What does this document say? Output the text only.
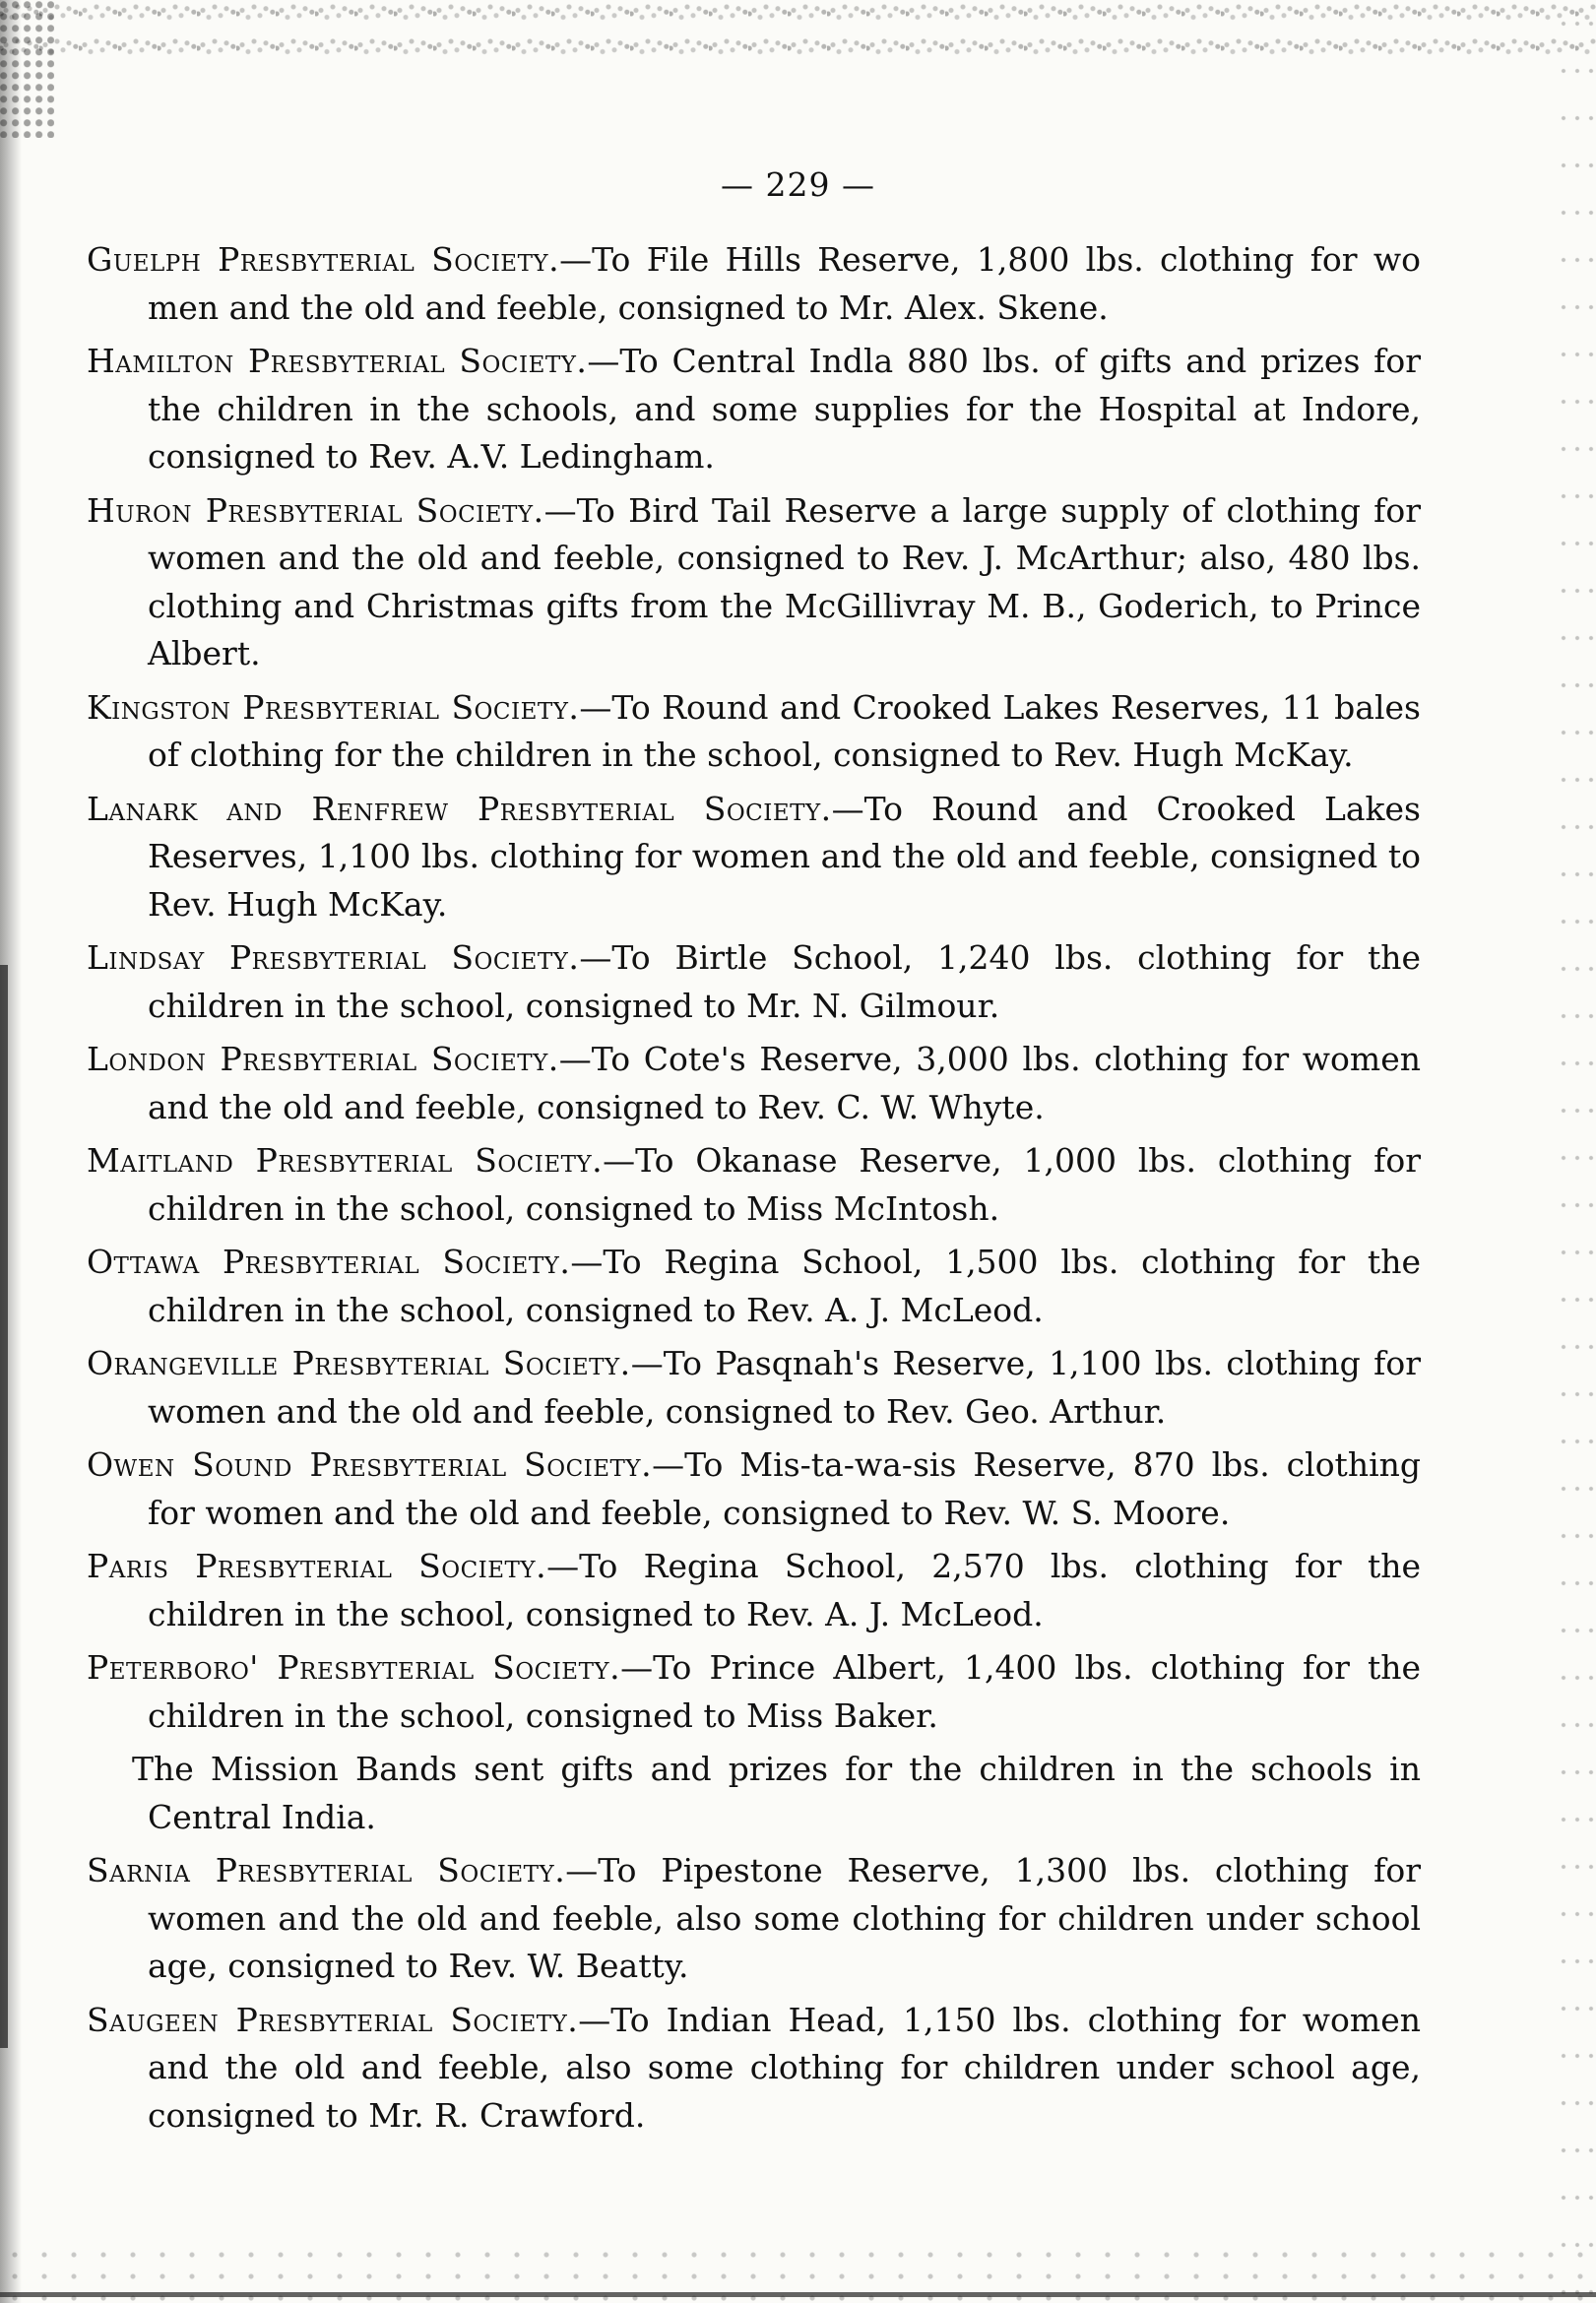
— 229 —

Guelph Presbyterial Society.—To File Hills Reserve, 1,800 lbs. clothing for wo men and the old and feeble, consigned to Mr. Alex. Skene.

Hamilton Presbyterial Society.—To Central Indla 880 lbs. of gifts and prizes for the children in the schools, and some supplies for the Hospital at Indore, consigned to Rev. A.V. Ledingham.

Huron Presbyterial Society.—To Bird Tail Reserve a large supply of clothing for women and the old and feeble, consigned to Rev. J. McArthur; also, 480 lbs. clothing and Christmas gifts from the McGillivray M. B., Goderich, to Prince Albert.

Kingston Presbyterial Society.—To Round and Crooked Lakes Reserves, 11 bales of clothing for the children in the school, consigned to Rev. Hugh McKay.

Lanark and Renfrew Presbyterial Society.—To Round and Crooked Lakes Reserves, 1,100 lbs. clothing for women and the old and feeble, consigned to Rev. Hugh McKay.

Lindsay Presbyterial Society.—To Birtle School, 1,240 lbs. clothing for the children in the school, consigned to Mr. N. Gilmour.

London Presbyterial Society.—To Cote's Reserve, 3,000 lbs. clothing for women and the old and feeble, consigned to Rev. C. W. Whyte.

Maitland Presbyterial Society.—To Okanase Reserve, 1,000 lbs. clothing for children in the school, consigned to Miss McIntosh.

Ottawa Presbyterial Society.—To Regina School, 1,500 lbs. clothing for the children in the school, consigned to Rev. A. J. McLeod.

Orangeville Presbyterial Society.—To Pasqnah's Reserve, 1,100 lbs. clothing for women and the old and feeble, consigned to Rev. Geo. Arthur.

Owen Sound Presbyterial Society.—To Mis-ta-wa-sis Reserve, 870 lbs. clothing for women and the old and feeble, consigned to Rev. W. S. Moore.

Paris Presbyterial Society.—To Regina School, 2,570 lbs. clothing for the children in the school, consigned to Rev. A. J. McLeod.

Peterboro' Presbyterial Society.—To Prince Albert, 1,400 lbs. clothing for the children in the school, consigned to Miss Baker.

The Mission Bands sent gifts and prizes for the children in the schools in Central India.

Sarnia Presbyterial Society.—To Pipestone Reserve, 1,300 lbs. clothing for women and the old and feeble, also some clothing for children under school age, consigned to Rev. W. Beatty.

Saugeen Presbyterial Society.—To Indian Head, 1,150 lbs. clothing for women and the old and feeble, also some clothing for children under school age, consigned to Mr. R. Crawford.
